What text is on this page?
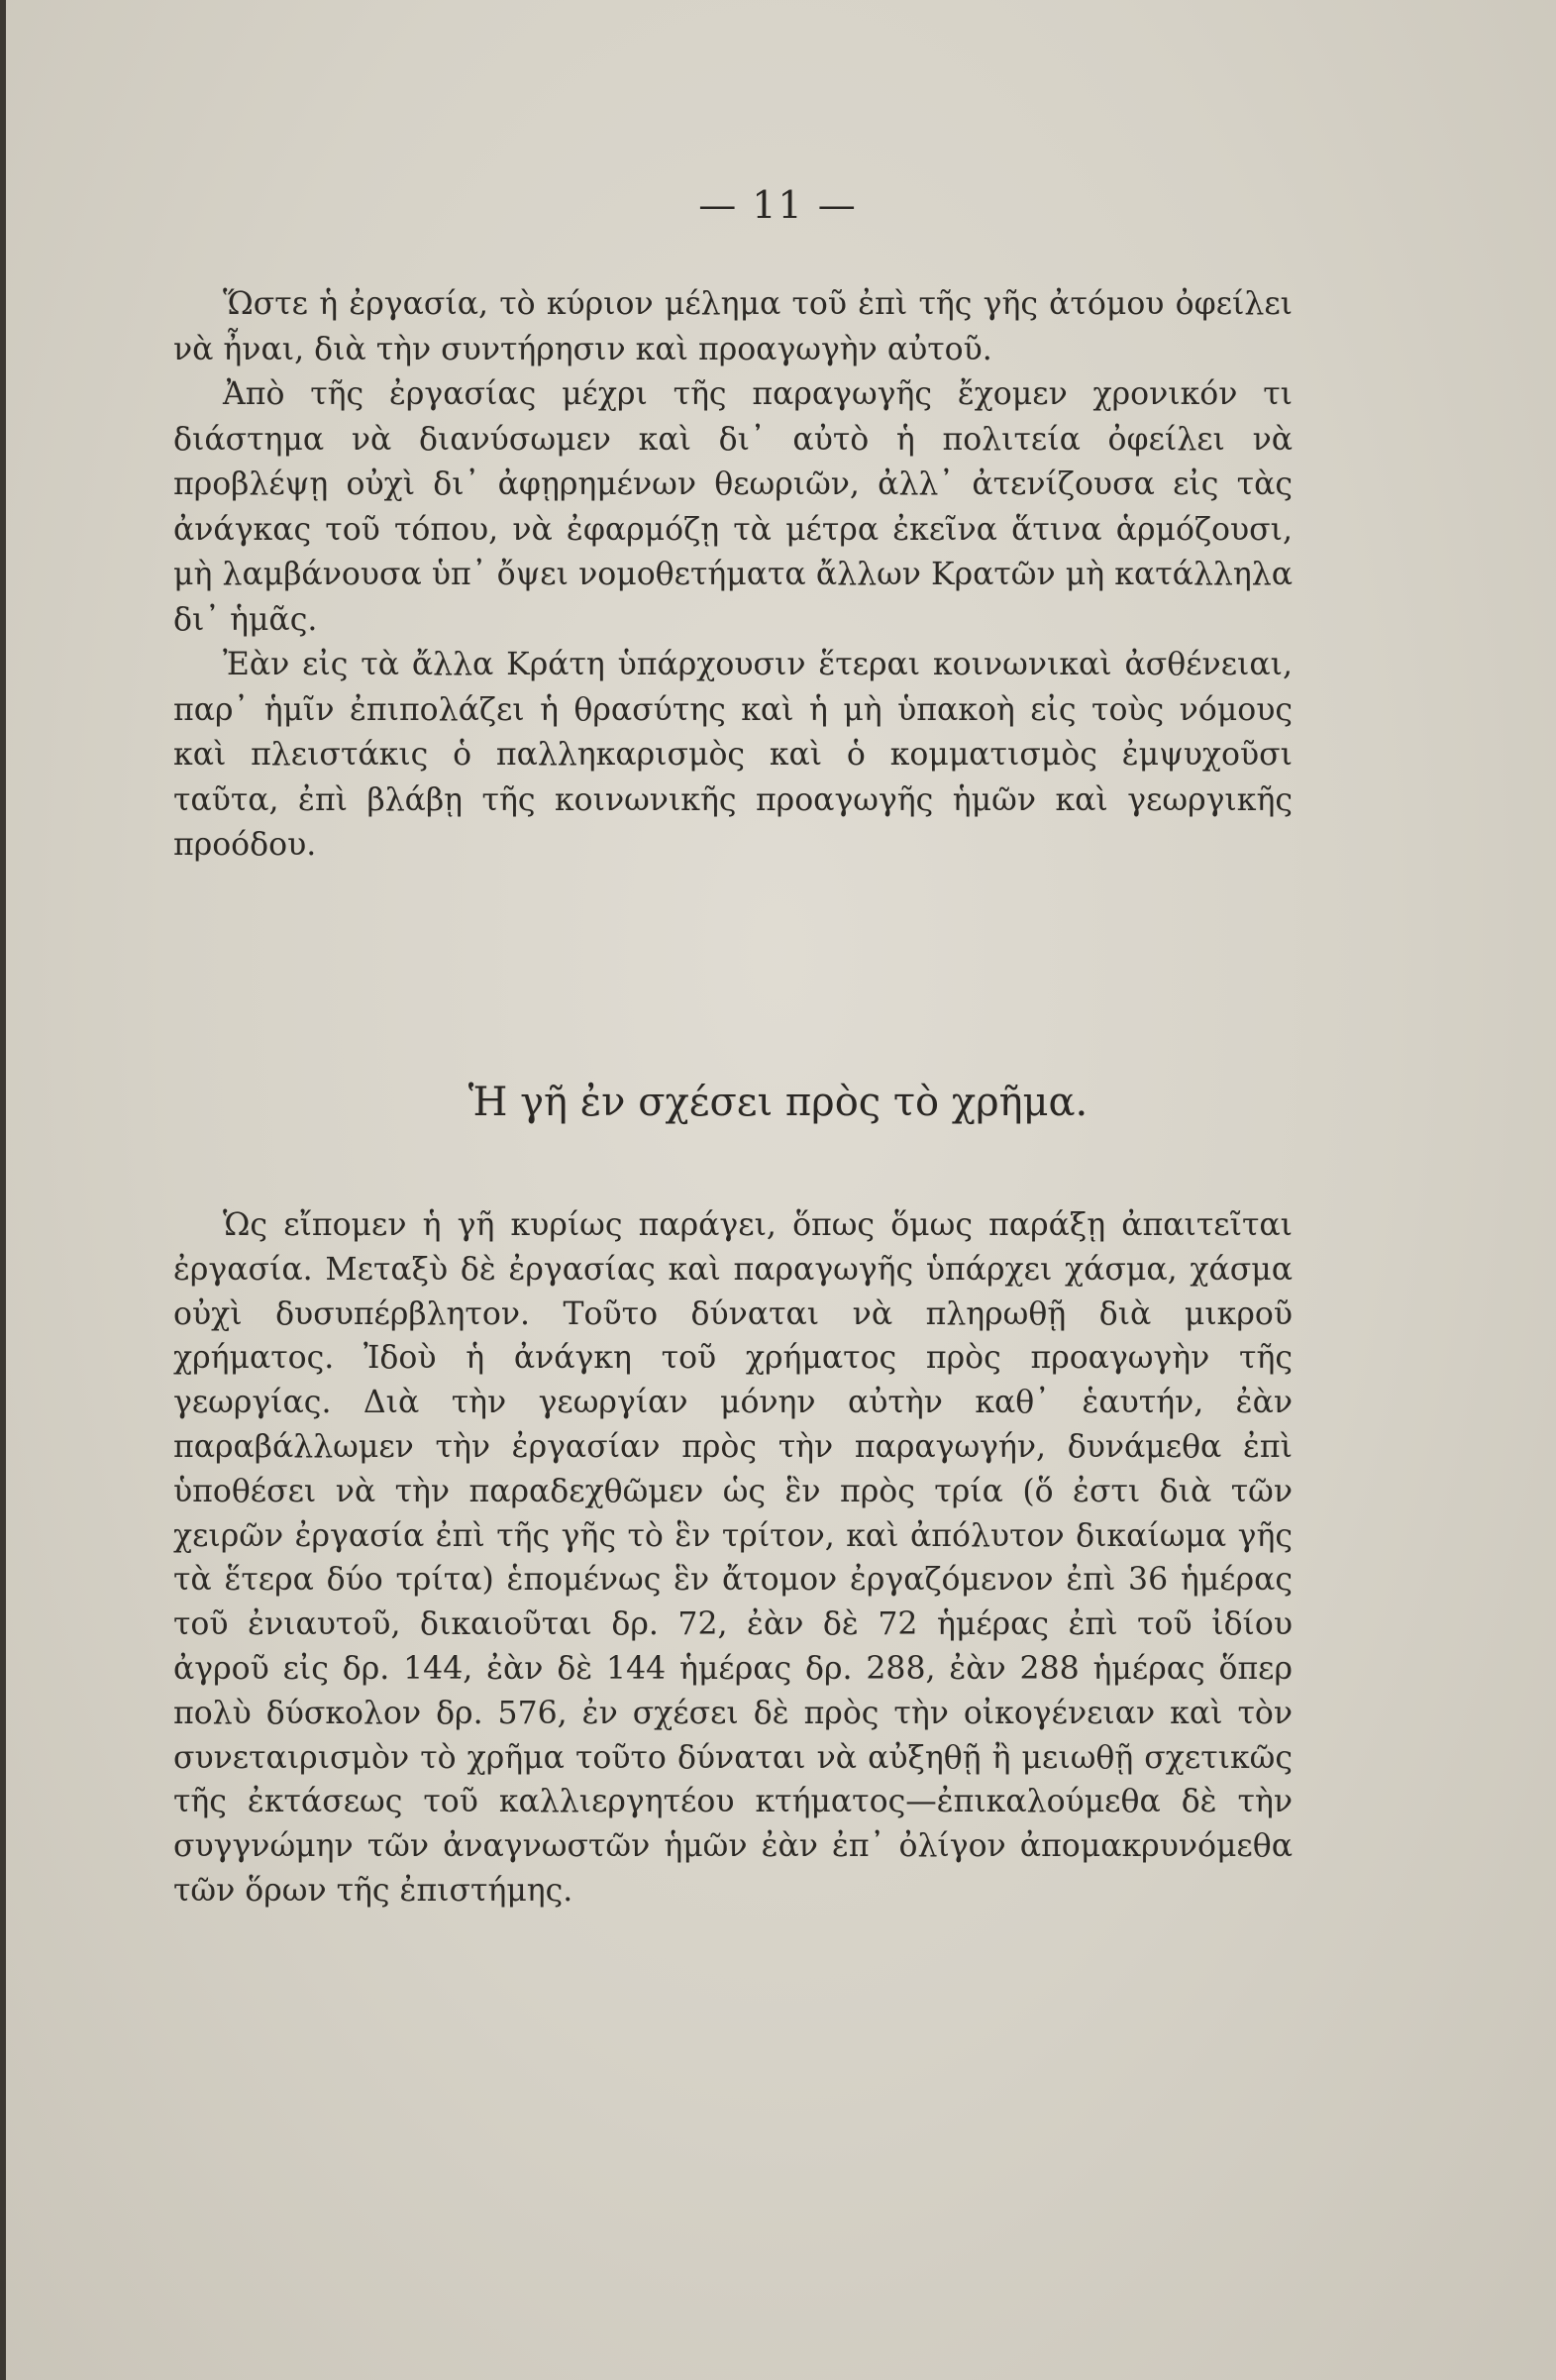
— 11 —

Ὥστε ἡ ἐργασία, τὸ κύριον μέλημα τοῦ ἐπὶ τῆς γῆς ἀτόμου ὀφείλει νὰ ἦναι, διὰ τὴν συντήρησιν καὶ προαγωγὴν αὐτοῦ.

Ἀπὸ τῆς ἐργασίας μέχρι τῆς παραγωγῆς ἔχομεν χρονικόν τι διάστημα νὰ διανύσωμεν καὶ δι᾿ αὐτὸ ἡ πολιτεία ὀφείλει νὰ προβλέψῃ οὐχὶ δι᾿ ἀφῃρημένων θεωριῶν, ἀλλ᾿ ἀτενίζουσα εἰς τὰς ἀνάγκας τοῦ τόπου, νὰ ἐφαρμόζῃ τὰ μέτρα ἐκεῖνα ἅτινα ἁρμόζουσι, μὴ λαμβάνουσα ὑπ᾿ ὄψει νομοθετήματα ἄλλων Κρατῶν μὴ κατάλληλα δι᾿ ἡμᾶς.

Ἐὰν εἰς τὰ ἄλλα Κράτη ὑπάρχουσιν ἕτεραι κοινωνικαὶ ἀσθένειαι, παρ᾿ ἡμῖν ἐπιπολάζει ἡ θρασύτης καὶ ἡ μὴ ὑπακοὴ εἰς τοὺς νόμους καὶ πλειστάκις ὁ παλληκαρισμὸς καὶ ὁ κομματισμὸς ἐμψυχοῦσι ταῦτα, ἐπὶ βλάβῃ τῆς κοινωνικῆς προαγωγῆς ἡμῶν καὶ γεωργικῆς προόδου.

Ἡ γῆ ἐν σχέσει πρὸς τὸ χρῆμα.

Ὡς εἴπομεν ἡ γῆ κυρίως παράγει, ὅπως ὅμως παράξῃ ἀπαιτεῖται ἐργασία. Μεταξὺ δὲ ἐργασίας καὶ παραγωγῆς ὑπάρχει χάσμα, χάσμα οὐχὶ δυσυπέρβλητον. Τοῦτο δύναται νὰ πληρωθῇ διὰ μικροῦ χρήματος. Ἰδοὺ ἡ ἀνάγκη τοῦ χρήματος πρὸς προαγωγὴν τῆς γεωργίας. Διὰ τὴν γεωργίαν μόνην αὐτὴν καθ᾿ ἑαυτήν, ἐὰν παραβάλλωμεν τὴν ἐργασίαν πρὸς τὴν παραγωγήν, δυνάμεθα ἐπὶ ὑποθέσει νὰ τὴν παραδεχθῶμεν ὡς ἓν πρὸς τρία (ὅ ἐστι διὰ τῶν χειρῶν ἐργασία ἐπὶ τῆς γῆς τὸ ἓν τρίτον, καὶ ἀπόλυτον δικαίωμα γῆς τὰ ἕτερα δύο τρίτα) ἑπομένως ἓν ἄτομον ἐργαζόμενον ἐπὶ 36 ἡμέρας τοῦ ἐνιαυτοῦ, δικαιοῦται δρ. 72, ἐὰν δὲ 72 ἡμέρας ἐπὶ τοῦ ἰδίου ἀγροῦ εἰς δρ. 144, ἐὰν δὲ 144 ἡμέρας δρ. 288, ἐὰν 288 ἡμέρας ὅπερ πολὺ δύσκολον δρ. 576, ἐν σχέσει δὲ πρὸς τὴν οἰκογένειαν καὶ τὸν συνεταιρισμὸν τὸ χρῆμα τοῦτο δύναται νὰ αὐξηθῇ ἢ μειωθῇ σχετικῶς τῆς ἐκτάσεως τοῦ καλλιεργητέου κτήματος—ἐπικαλούμεθα δὲ τὴν συγγνώμην τῶν ἀναγνωστῶν ἡμῶν ἐὰν ἐπ᾿ ὀλίγον ἀπομακρυνόμεθα τῶν ὅρων τῆς ἐπιστήμης.
